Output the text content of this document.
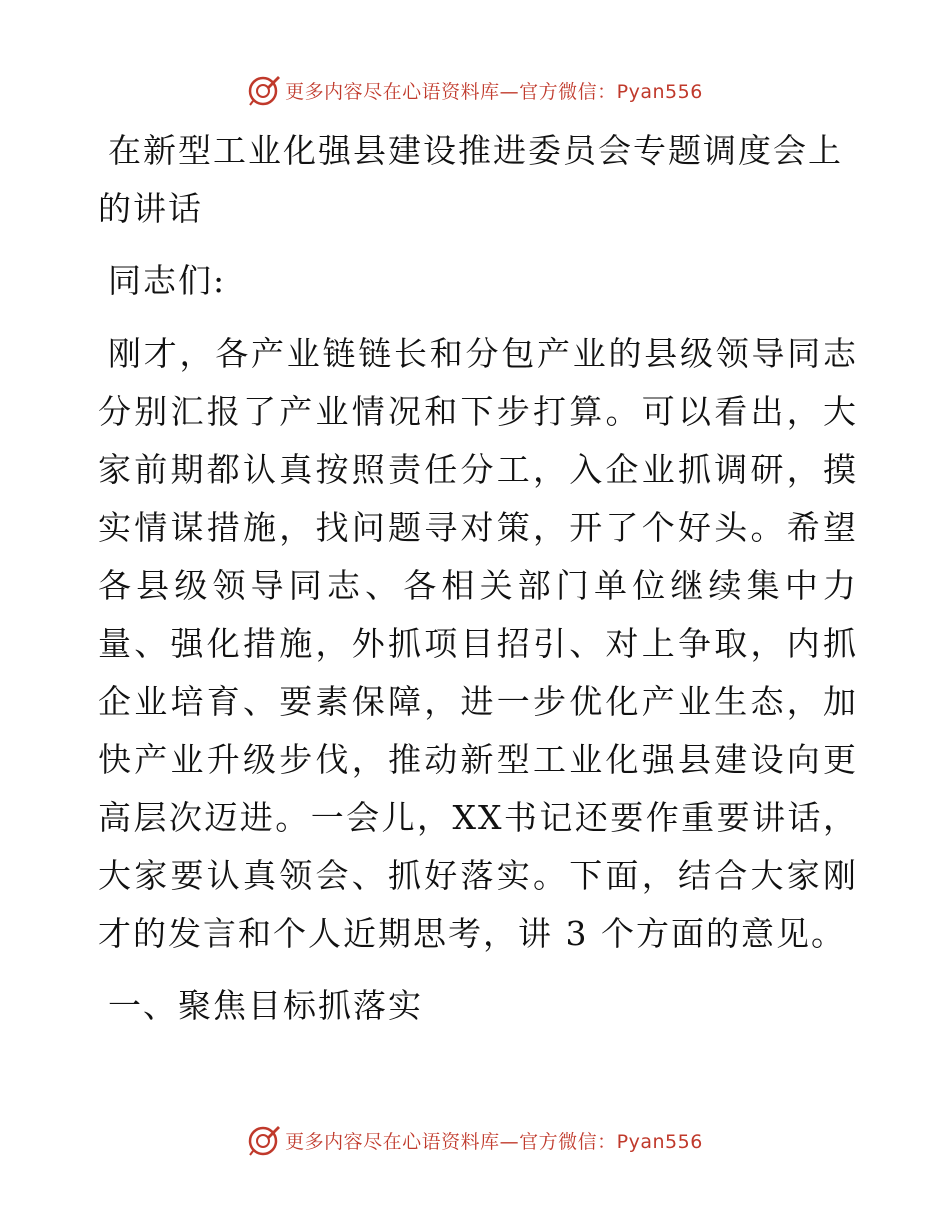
更多内容尽在心语资料库—官方微信：Pyan556
在新型工业化强县建设推进委员会专题调度会上的讲话

同志们:

刚才，各产业链链长和分包产业的县级领导同志分别汇报了产业情况和下步打算。可以看出，大家前期都认真按照责任分工，入企业抓调研，摸实情谋措施，找问题寻对策，开了个好头。希望各县级领导同志、各相关部门单位继续集中力量、强化措施，外抓项目招引、对上争取，内抓企业培育、要素保障，进一步优化产业生态，加快产业升级步伐，推动新型工业化强县建设向更高层次迈进。一会儿，XX书记还要作重要讲话，大家要认真领会、抓好落实。下面，结合大家刚才的发言和个人近期思考，讲 3 个方面的意见。

一、聚焦目标抓落实

更多内容尽在心语资料库—官方微信：Pyan556
